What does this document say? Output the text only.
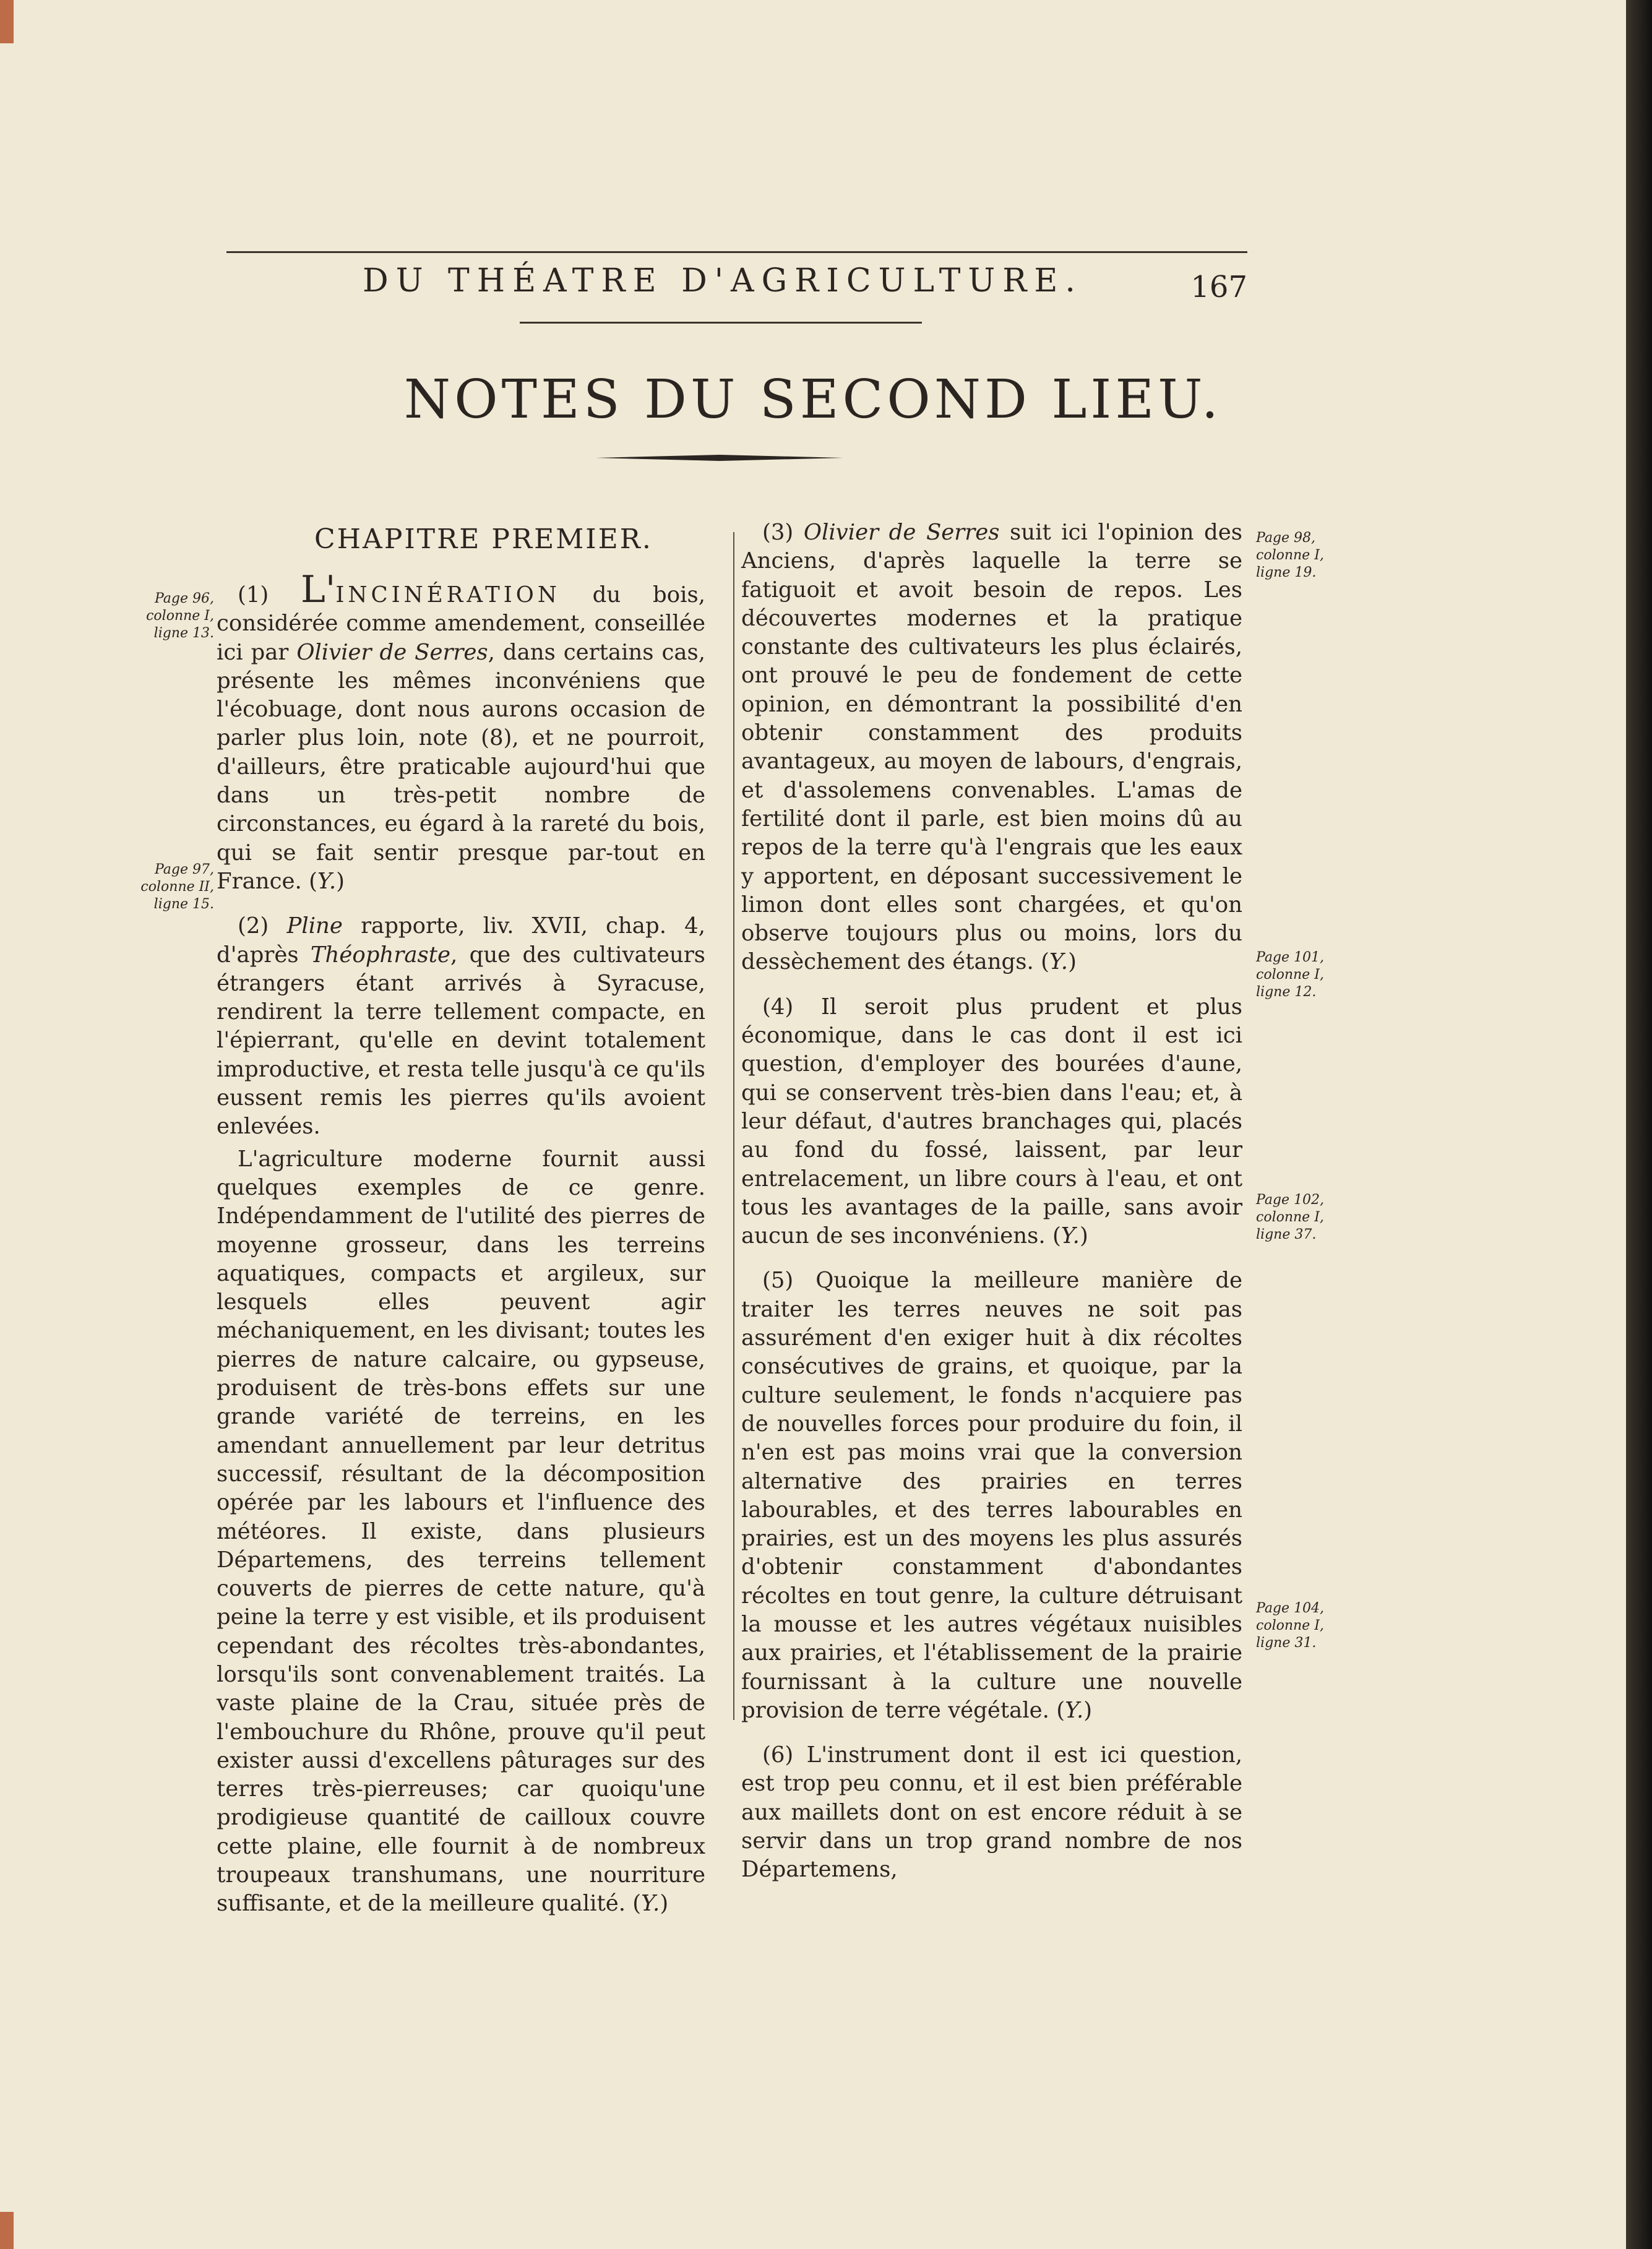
DU THÉATRE D'AGRICULTURE.	167
NOTES DU SECOND LIEU.
CHAPITRE PREMIER.
Page 96,
colonne I,
ligne 13.
Page 97,
colonne II,
ligne 15.
Page 98,
colonne I,
ligne 19.
Page 101,
colonne I,
ligne 12.
Page 102,
colonne I,
ligne 37.
Page 104,
colonne I,
ligne 31.

(1) L'INCINÉRATION du bois, considérée comme amendement, conseillée ici par Olivier de Serres, dans certains cas, présente les mêmes inconvéniens que l'écobuage, dont nous aurons occasion de parler plus loin, note (8), et ne pourroit, d'ailleurs, être praticable aujourd'hui que dans un très-petit nombre de circonstances, eu égard à la rareté du bois, qui se fait sentir presque par-tout en France. (Y.)

(2) Pline rapporte, liv. XVII, chap. 4, d'après Théophraste, que des cultivateurs étrangers étant arrivés à Syracuse, rendirent la terre tellement compacte, en l'épierrant, qu'elle en devint totalement improductive, et resta telle jusqu'à ce qu'ils eussent remis les pierres qu'ils avoient enlevées.

L'agriculture moderne fournit aussi quelques exemples de ce genre. Indépendamment de l'utilité des pierres de moyenne grosseur, dans les terreins aquatiques, compacts et argileux, sur lesquels elles peuvent agir méchaniquement, en les divisant; toutes les pierres de nature calcaire, ou gypseuse, produisent de très-bons effets sur une grande variété de terreins, en les amendant annuellement par leur detritus successif, résultant de la décomposition opérée par les labours et l'influence des météores. Il existe, dans plusieurs Départemens, des terreins tellement couverts de pierres de cette nature, qu'à peine la terre y est visible, et ils produisent cependant des récoltes très-abondantes, lorsqu'ils sont convenablement traités. La vaste plaine de la Crau, située près de l'embouchure du Rhône, prouve qu'il peut exister aussi d'excellens pâturages sur des terres très-pierreuses; car quoiqu'une prodigieuse quantité de cailloux couvre cette plaine, elle fournit à de nombreux troupeaux transhumans, une nourriture suffisante, et de la meilleure qualité. (Y.)

(3) Olivier de Serres suit ici l'opinion des Anciens, d'après laquelle la terre se fatiguoit et avoit besoin de repos. Les découvertes modernes et la pratique constante des cultivateurs les plus éclairés, ont prouvé le peu de fondement de cette opinion, en démontrant la possibilité d'en obtenir constamment des produits avantageux, au moyen de labours, d'engrais, et d'assolemens convenables. L'amas de fertilité dont il parle, est bien moins dû au repos de la terre qu'à l'engrais que les eaux y apportent, en déposant successivement le limon dont elles sont chargées, et qu'on observe toujours plus ou moins, lors du dessèchement des étangs. (Y.)

(4) Il seroit plus prudent et plus économique, dans le cas dont il est ici question, d'employer des bourées d'aune, qui se conservent très-bien dans l'eau; et, à leur défaut, d'autres branchages qui, placés au fond du fossé, laissent, par leur entrelacement, un libre cours à l'eau, et ont tous les avantages de la paille, sans avoir aucun de ses inconvéniens. (Y.)

(5) Quoique la meilleure manière de traiter les terres neuves ne soit pas assurément d'en exiger huit à dix récoltes consécutives de grains, et quoique, par la culture seulement, le fonds n'acquiere pas de nouvelles forces pour produire du foin, il n'en est pas moins vrai que la conversion alternative des prairies en terres labourables, et des terres labourables en prairies, est un des moyens les plus assurés d'obtenir constamment d'abondantes récoltes en tout genre, la culture détruisant la mousse et les autres végétaux nuisibles aux prairies, et l'établissement de la prairie fournissant à la culture une nouvelle provision de terre végétale. (Y.)

(6) L'instrument dont il est ici question, est trop peu connu, et il est bien préférable aux maillets dont on est encore réduit à se servir dans un trop grand nombre de nos Départemens,
